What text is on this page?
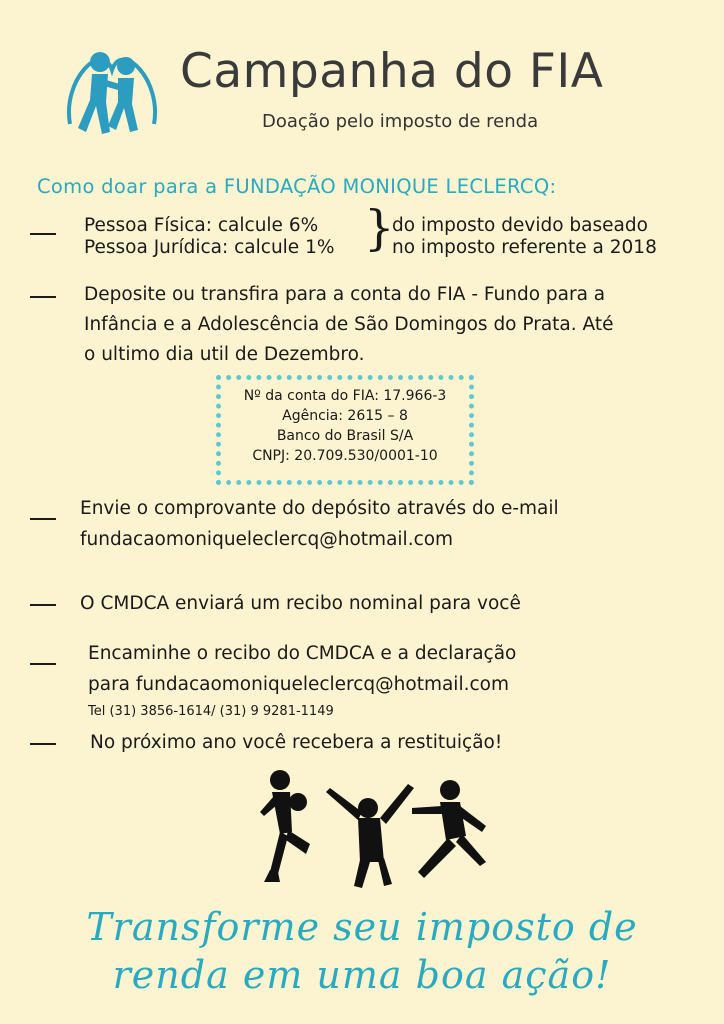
Campanha do FIA
Doação pelo imposto de renda
Como doar para a FUNDAÇÃO MONIQUE LECLERCQ:
Pessoa Física: calcule 6%
Pessoa Jurídica: calcule 1% }
do imposto devido baseado
no imposto referente a 2018
Deposite ou transfira para a conta do FIA - Fundo para a
Infância e a Adolescência de São Domingos do Prata. Até
o ultimo dia util de Dezembro.
Nº da conta do FIA: 17.966-3
Agência: 2615 – 8
Banco do Brasil S/A
CNPJ: 20.709.530/0001-10
Envie o comprovante do depósito através do e-mail
fundacaomoniqueleclercq@hotmail.com
O CMDCA enviará um recibo nominal para você
Encaminhe o recibo do CMDCA e a declaração
para fundacaomoniqueleclercq@hotmail.com
Tel (31) 3856-1614/ (31) 9 9281-1149
No próximo ano você recebera a restituição!
Transforme seu imposto de
renda em uma boa ação!
